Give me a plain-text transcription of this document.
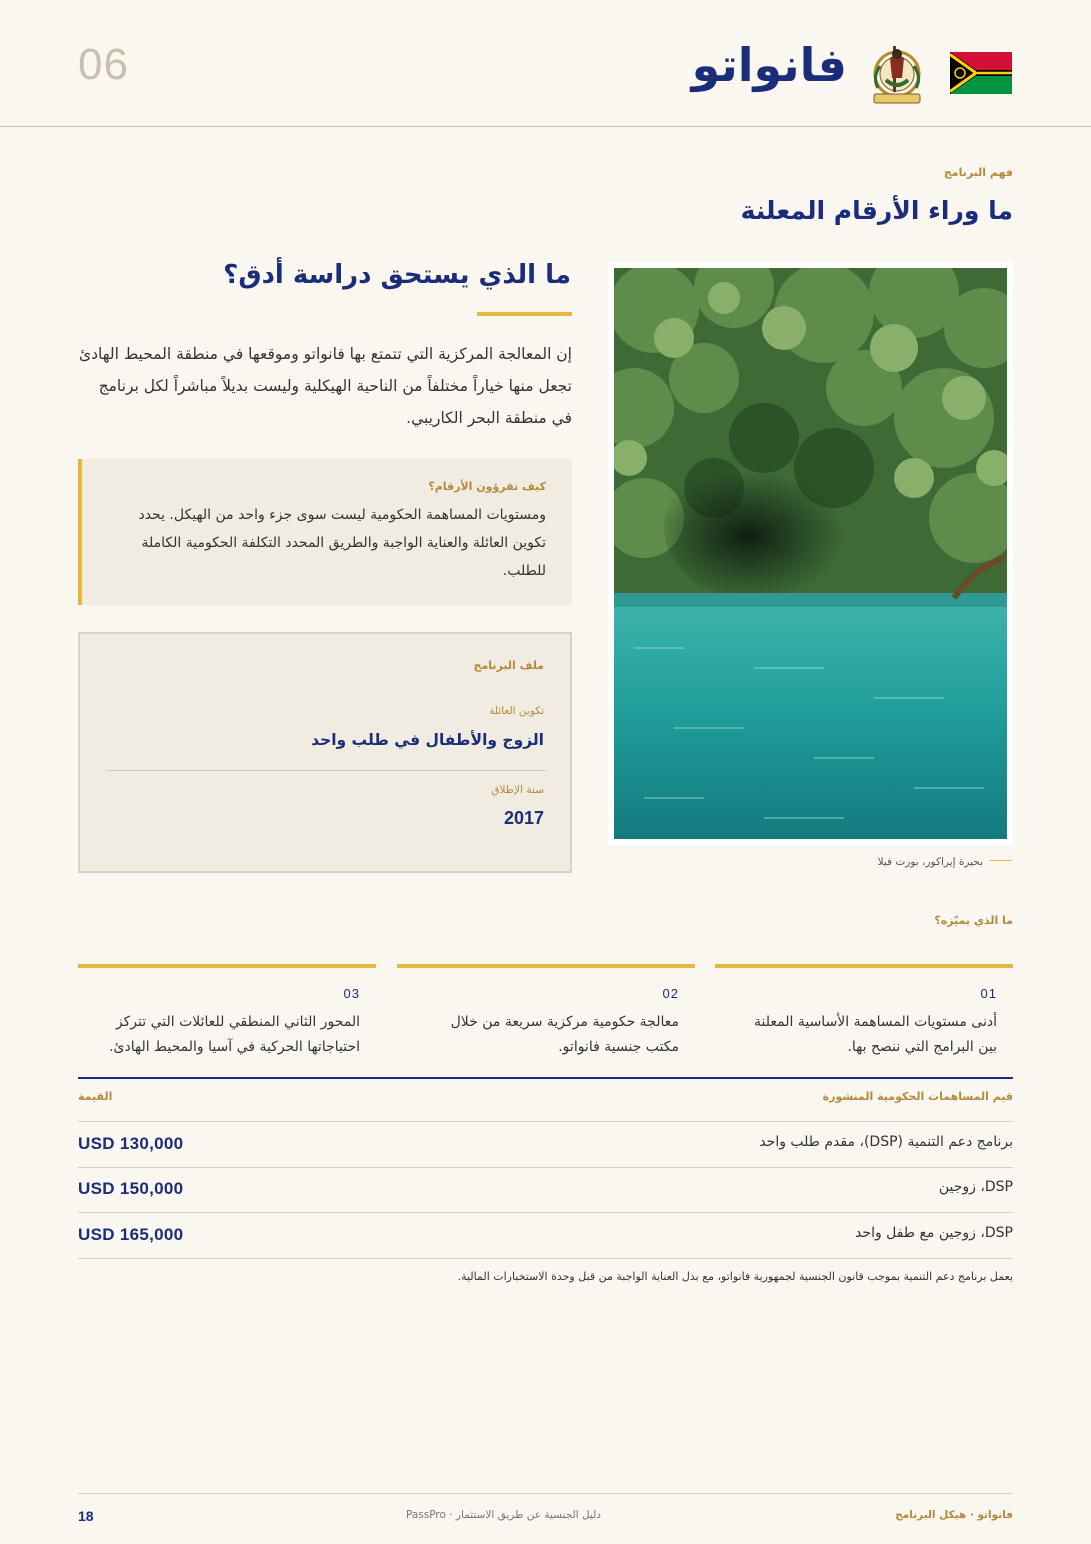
06	فانواتو
فهم البرنامج
ما وراء الأرقام المعلنة
ما الذي يستحق دراسة أدق؟
إن المعالجة المركزية التي تتمتع بها فانواتو وموقعها في منطقة المحيط الهادئ تجعل منها خياراً مختلفاً من الناحية الهيكلية وليست بديلاً مباشراً لكل برنامج في منطقة البحر الكاريبي.
كيف تقرؤون الأرقام؟
ومستويات المساهمة الحكومية ليست سوى جزء واحد من الهيكل. يحدد تكوين العائلة والعناية الواجبة والطريق المحدد التكلفة الحكومية الكاملة للطلب.
ملف البرنامج
تكوين العائلة
الزوج والأطفال في طلب واحد
سنة الإطلاق
2017
بحيرة إيراكور، بورت فيلا
ما الذي يميّزه؟
01
أدنى مستويات المساهمة الأساسية المعلنة بين البرامج التي ننصح بها.
02
معالجة حكومية مركزية سريعة من خلال مكتب جنسية فانواتو.
03
المحور الثاني المنطقي للعائلات التي تتركز احتياجاتها الحركية في آسيا والمحيط الهادئ.
قيم المساهمات الحكومية المنشورة
القيمة
برنامج دعم التنمية (DSP)، مقدم طلب واحد
USD 130,000
DSP، زوجين
USD 150,000
DSP، زوجين مع طفل واحد
USD 165,000
يعمل برنامج دعم التنمية بموجب قانون الجنسية لجمهورية فانواتو، مع بذل العناية الواجبة من قبل وحدة الاستخبارات المالية.
18	PassPro · دليل الجنسية عن طريق الاستثمار	فانواتو · هيكل البرنامج
